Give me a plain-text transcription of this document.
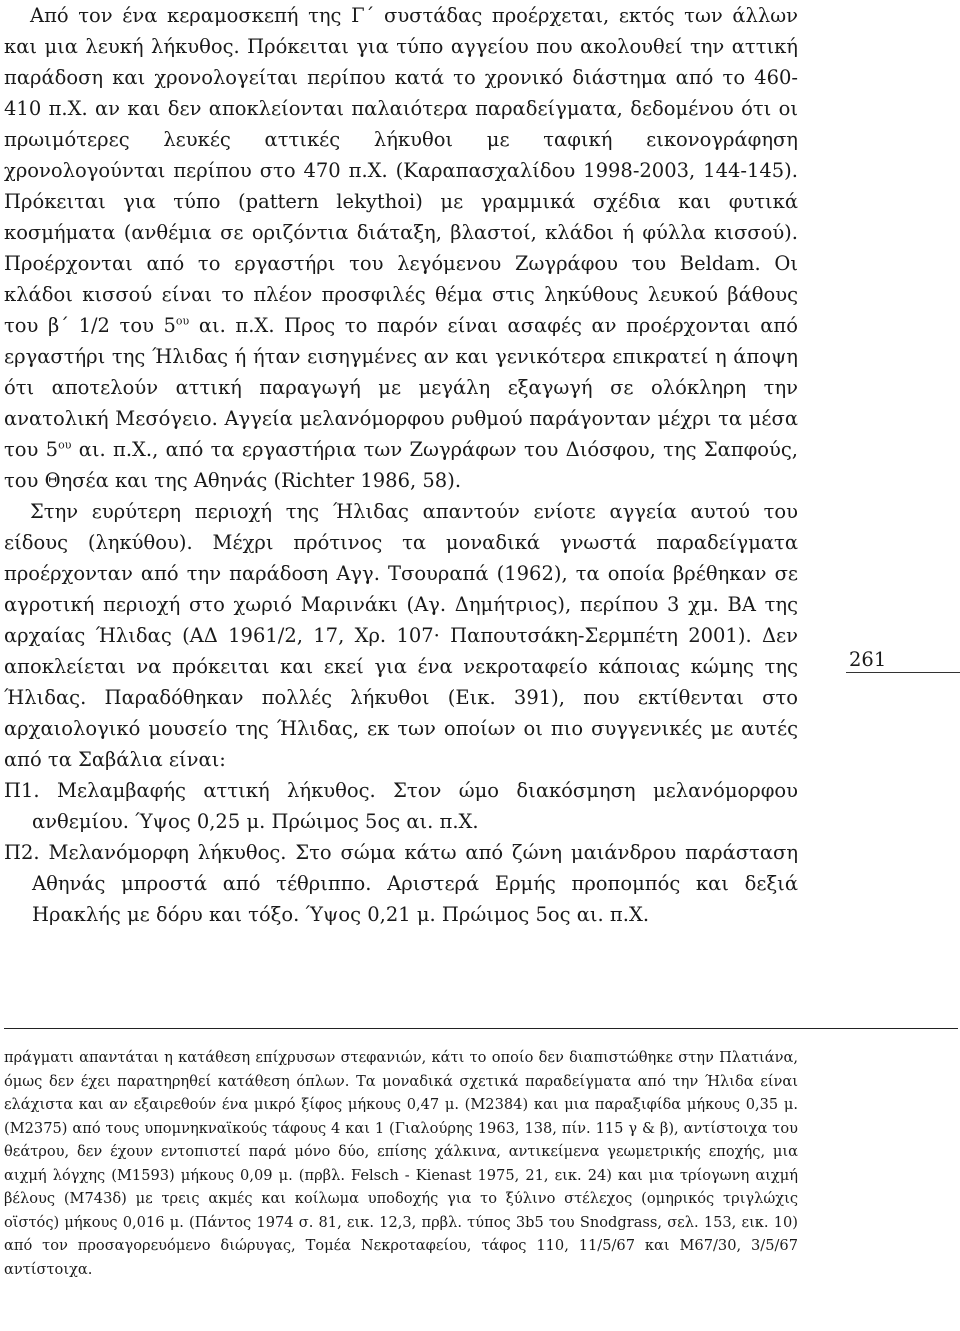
Από τον ένα κεραμοσκεπή της Γ΄ συστάδας προέρχεται, εκτός των άλλων και μια λευκή λήκυθος. Πρόκειται για τύπο αγγείου που ακολουθεί την αττική παράδοση και χρονολογείται περίπου κατά το χρονικό διάστημα από το 460-410 π.Χ. αν και δεν αποκλείονται παλαιότερα παραδείγματα, δεδομένου ότι οι πρωιμότερες λευκές αττικές λήκυθοι με ταφική εικονογράφηση χρονολογούνται περίπου στο 470 π.Χ. (Καραπασχαλίδου 1998-2003, 144-145). Πρόκειται για τύπο (pattern lekythoi) με γραμμικά σχέδια και φυτικά κοσμήματα (ανθέμια σε οριζόντια διάταξη, βλαστοί, κλάδοι ή φύλλα κισσού). Προέρχονται από το εργαστήρι του λεγόμενου Ζωγράφου του Beldam. Οι κλάδοι κισσού είναι το πλέον προσφιλές θέμα στις ληκύθους λευκού βάθους του β΄ 1/2 του $5^{o\upsilon}$ αι. π.Χ. Προς το παρόν είναι ασαφές αν προέρχονται από εργαστήρι της Ήλιδας ή ήταν εισηγμένες αν και γενικότερα επικρατεί η άποψη ότι αποτελούν αττική παραγωγή με μεγάλη εξαγωγή σε ολόκληρη την ανατολική Μεσόγειο. Αγγεία μελανόμορφου ρυθμού παράγονταν μέχρι τα μέσα του $5^{o\upsilon}$ αι. π.Χ., από τα εργαστήρια των Ζωγράφων του Διόσφου, της Σαπφούς, του Θησέα και της Αθηνάς (Richter 1986, 58).

Στην ευρύτερη περιοχή της Ήλιδας απαντούν ενίοτε αγγεία αυτού του είδους (ληκύθου). Μέχρι πρότινος τα μοναδικά γνωστά παραδείγματα προέρχονταν από την παράδοση Αγγ. Τσουραπά (1962), τα οποία βρέθηκαν σε αγροτική περιοχή στο χωριό Μαρινάκι (Αγ. Δημήτριος), περίπου 3 χμ. ΒΑ της αρχαίας Ήλιδας (ΑΔ 1961/2, 17, Χρ. 107· Παπουτσάκη-Σερμπέτη 2001). Δεν αποκλείεται να πρόκειται και εκεί για ένα νεκροταφείο κάποιας κώμης της Ήλιδας. Παραδόθηκαν πολλές λήκυθοι (Εικ. 391), που εκτίθενται στο αρχαιολογικό μουσείο της Ήλιδας, εκ των οποίων οι πιο συγγενικές με αυτές από τα Σαβάλια είναι:

Π1. Μελαμβαφής αττική λήκυθος. Στον ώμο διακόσμηση μελανόμορφου ανθεμίου. Ύψος 0,25 μ. Πρώιμος 5ος αι. π.Χ.

Π2. Μελανόμορφη λήκυθος. Στο σώμα κάτω από ζώνη μαιάνδρου παράσταση Αθηνάς μπροστά από τέθριππο. Αριστερά Ερμής προπομπός και δεξιά Ηρακλής με δόρυ και τόξο. Ύψος 0,21 μ. Πρώιμος 5ος αι. π.Χ.

261

πράγματι απαντάται η κατάθεση επίχρυσων στεφανιών, κάτι το οποίο δεν διαπιστώθηκε στην Πλατιάνα, όμως δεν έχει παρατηρηθεί κατάθεση όπλων. Τα μοναδικά σχετικά παραδείγματα από την Ήλιδα είναι ελάχιστα και αν εξαιρεθούν ένα μικρό ξίφος μήκους 0,47 μ. (Μ2384) και μια παραξιφίδα μήκους 0,35 μ. (Μ2375) από τους υπομνηκναϊκούς τάφους 4 και 1 (Γιαλούρης 1963, 138, πίν. 115 γ & β), αντίστοιχα του θεάτρου, δεν έχουν εντοπιστεί παρά μόνο δύο, επίσης χάλκινα, αντικείμενα γεωμετρικής εποχής, μια αιχμή λόγχης (Μ1593) μήκους 0,09 μ. (πρβλ. Felsch - Kienast 1975, 21, εικ. 24) και μια τρίογωνη αιχμή βέλους (Μ743δ) με τρεις ακμές και κοίλωμα υποδοχής για το ξύλινο στέλεχος (ομηρικός τριγλώχις οϊστός) μήκους 0,016 μ. (Πάντος 1974 σ. 81, εικ. 12,3, πρβλ. τύπος 3b5 του Snodgrass, σελ. 153, εικ. 10) από τον προσαγορευόμενο διώρυγας, Τομέα Νεκροταφείου, τάφος 110, 11/5/67 και Μ67/30, 3/5/67 αντίστοιχα.
